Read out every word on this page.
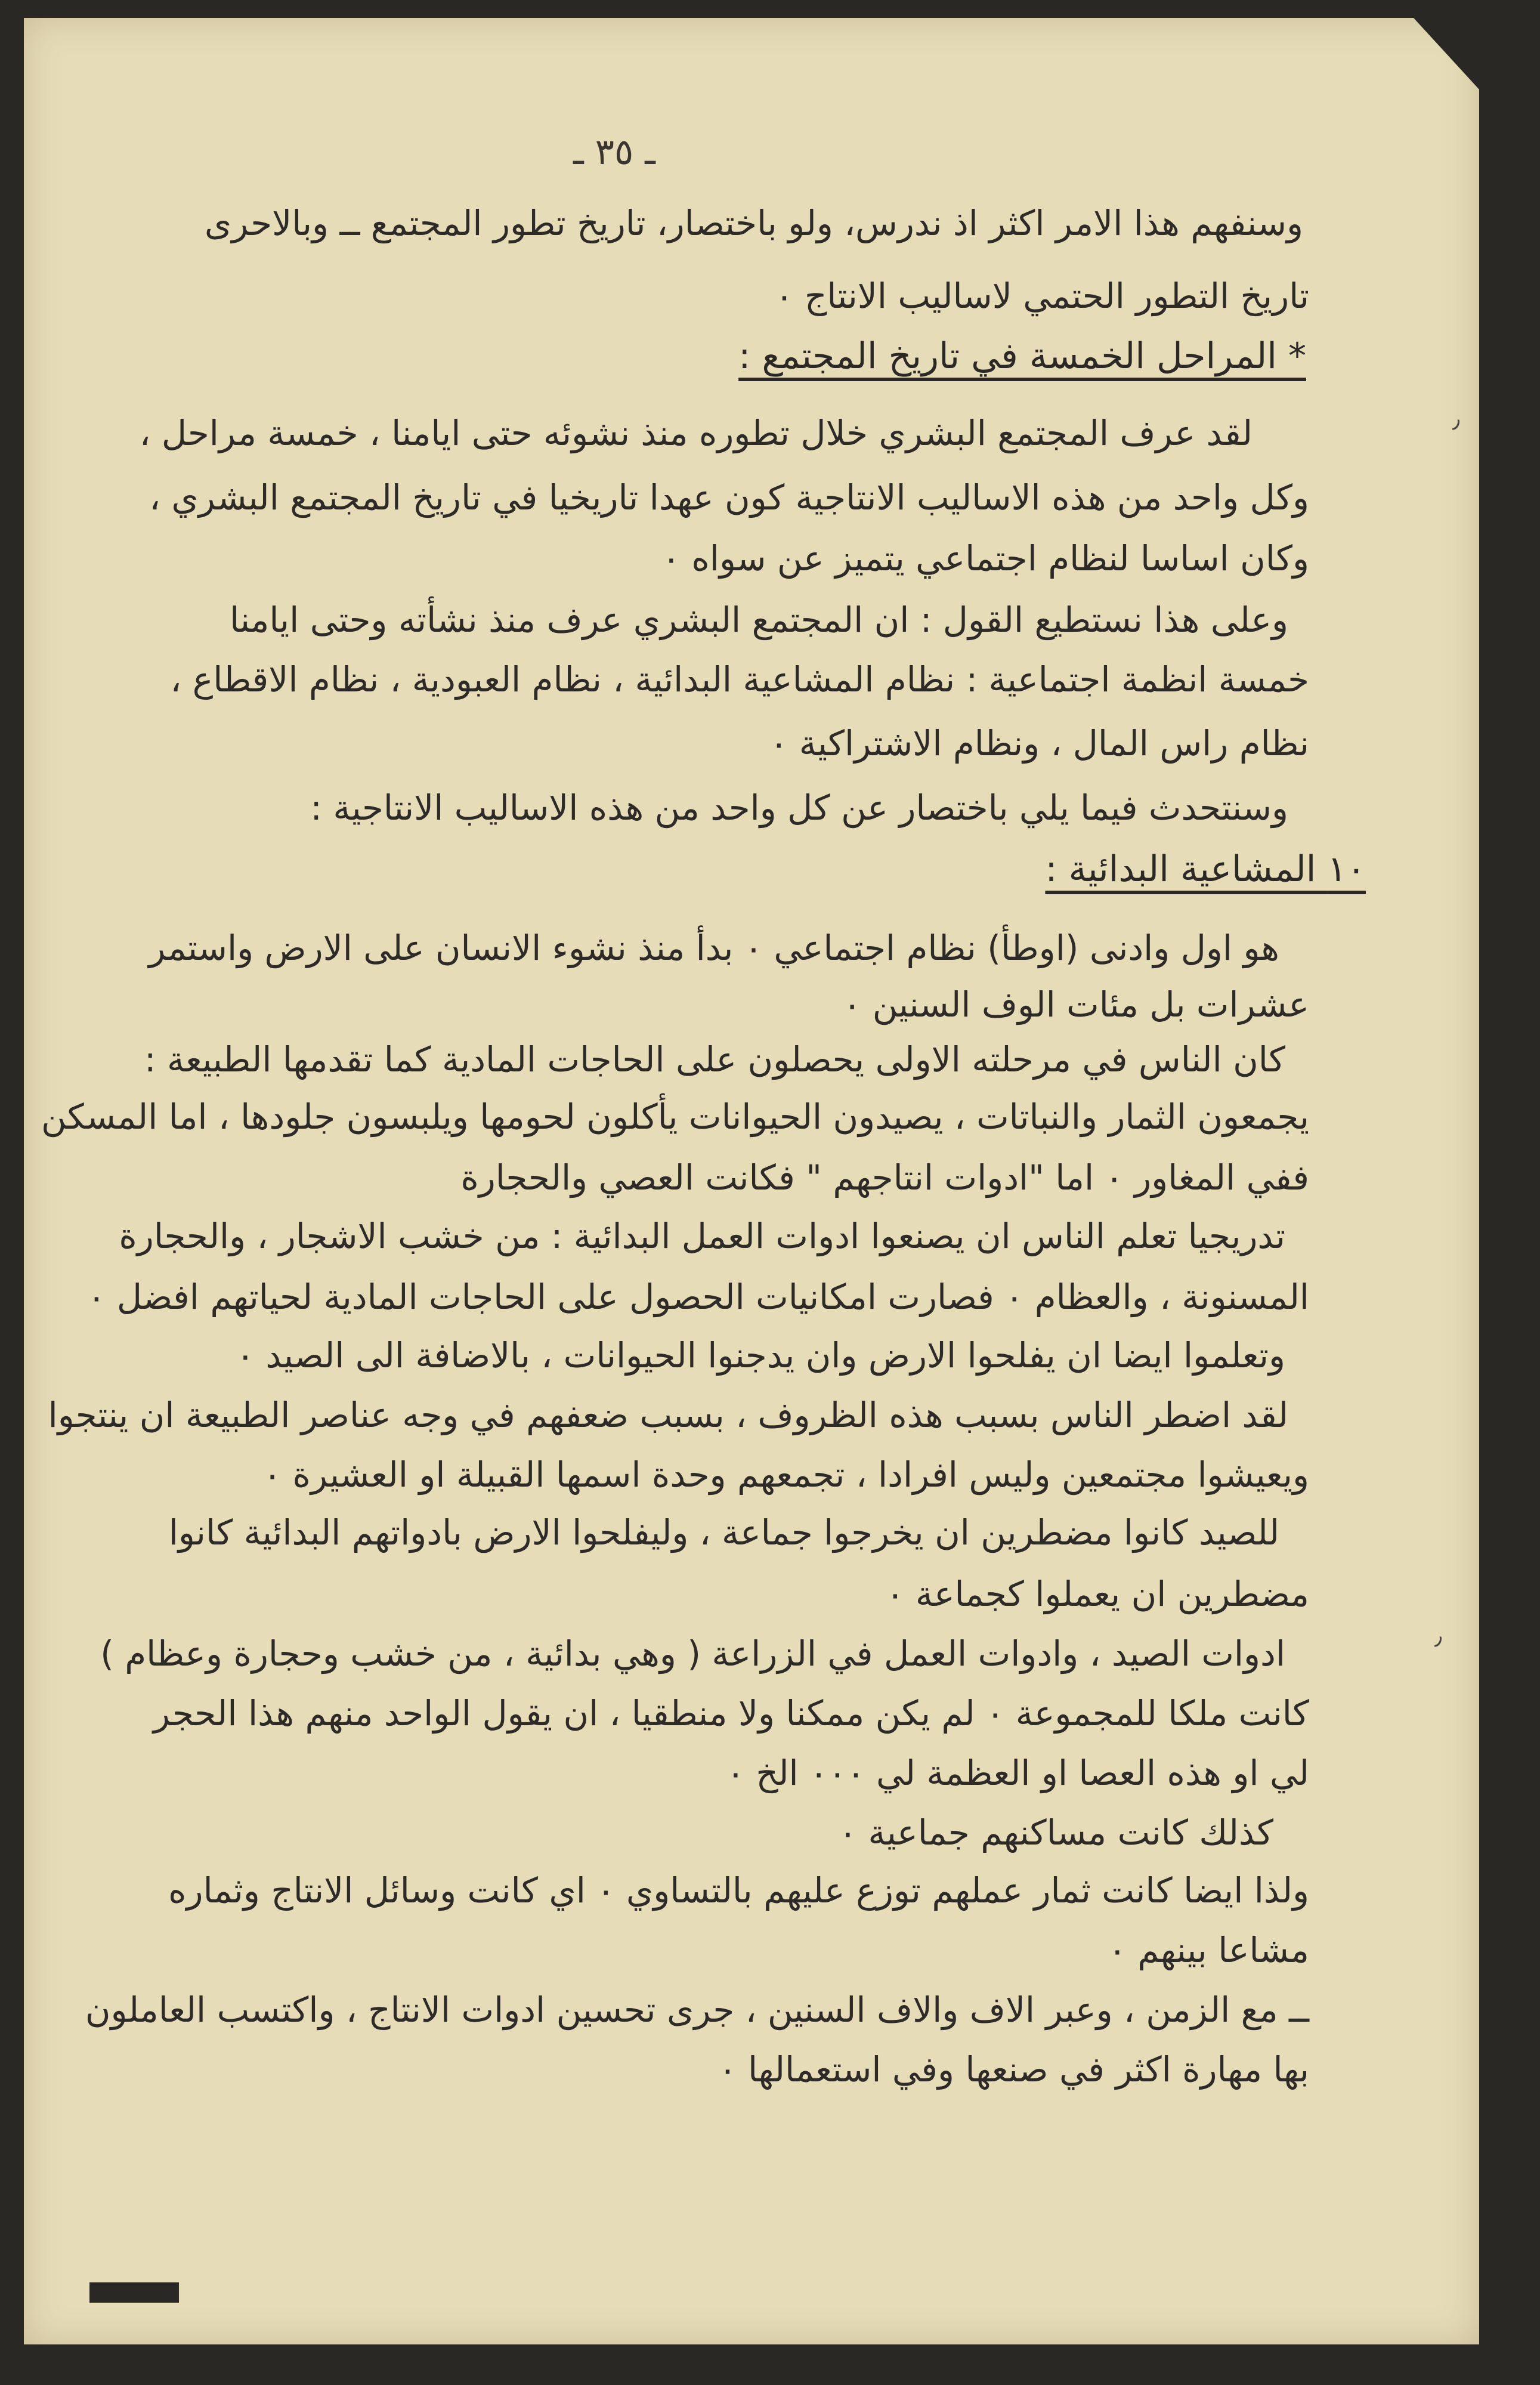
ـ ٣٥ ـ
وسنفهم هذا الامر اكثر اذ ندرس، ولو باختصار، تاريخ تطور المجتمع ــ وبالاحرى
تاريخ التطور الحتمي لاساليب الانتاج ٠
* المراحل الخمسة في تاريخ المجتمع :
لقد عرف المجتمع البشري خلال تطوره منذ نشوئه حتى ايامنا ، خمسة مراحل ،
وكل واحد من هذه الاساليب الانتاجية كون عهدا تاريخيا في تاريخ المجتمع البشري ،
وكان اساسا لنظام اجتماعي يتميز عن سواه ٠
وعلى هذا نستطيع القول : ان المجتمع البشري عرف منذ نشأته وحتى ايامنا
خمسة انظمة اجتماعية : نظام المشاعية البدائية ، نظام العبودية ، نظام الاقطاع ،
نظام راس المال ، ونظام الاشتراكية ٠
وسنتحدث فيما يلي باختصار عن كل واحد من هذه الاساليب الانتاجية :
١٠ المشاعية البدائية :
هو اول وادنى (اوطأ) نظام اجتماعي ٠ بدأ منذ نشوء الانسان على الارض واستمر
عشرات بل مئات الوف السنين ٠
كان الناس في مرحلته الاولى يحصلون على الحاجات المادية كما تقدمها الطبيعة :
يجمعون الثمار والنباتات ، يصيدون الحيوانات يأكلون لحومها ويلبسون جلودها ، اما المسكن
ففي المغاور ٠ اما "ادوات انتاجهم " فكانت العصي والحجارة
تدريجيا تعلم الناس ان يصنعوا ادوات العمل البدائية : من خشب الاشجار ، والحجارة
المسنونة ، والعظام ٠ فصارت امكانيات الحصول على الحاجات المادية لحياتهم افضل ٠
وتعلموا ايضا ان يفلحوا الارض وان يدجنوا الحيوانات ، بالاضافة الى الصيد ٠
لقد اضطر الناس بسبب هذه الظروف ، بسبب ضعفهم في وجه عناصر الطبيعة ان ينتجوا
ويعيشوا مجتمعين وليس افرادا ، تجمعهم وحدة اسمها القبيلة او العشيرة ٠
للصيد كانوا مضطرين ان يخرجوا جماعة ، وليفلحوا الارض بادواتهم البدائية كانوا
مضطرين ان يعملوا كجماعة ٠
ادوات الصيد ، وادوات العمل في الزراعة ( وهي بدائية ، من خشب وحجارة وعظام )
كانت ملكا للمجموعة ٠ لم يكن ممكنا ولا منطقيا ، ان يقول الواحد منهم هذا الحجر
لي او هذه العصا او العظمة لي ٠٠٠ الخ ٠
كذلك كانت مساكنهم جماعية ٠
ولذا ايضا كانت ثمار عملهم توزع عليهم بالتساوي ٠ اي كانت وسائل الانتاج وثماره
مشاعا بينهم ٠
ــ مع الزمن ، وعبر الاف والاف السنين ، جرى تحسين ادوات الانتاج ، واكتسب العاملون
بها مهارة اكثر في صنعها وفي استعمالها ٠
٫
٫
